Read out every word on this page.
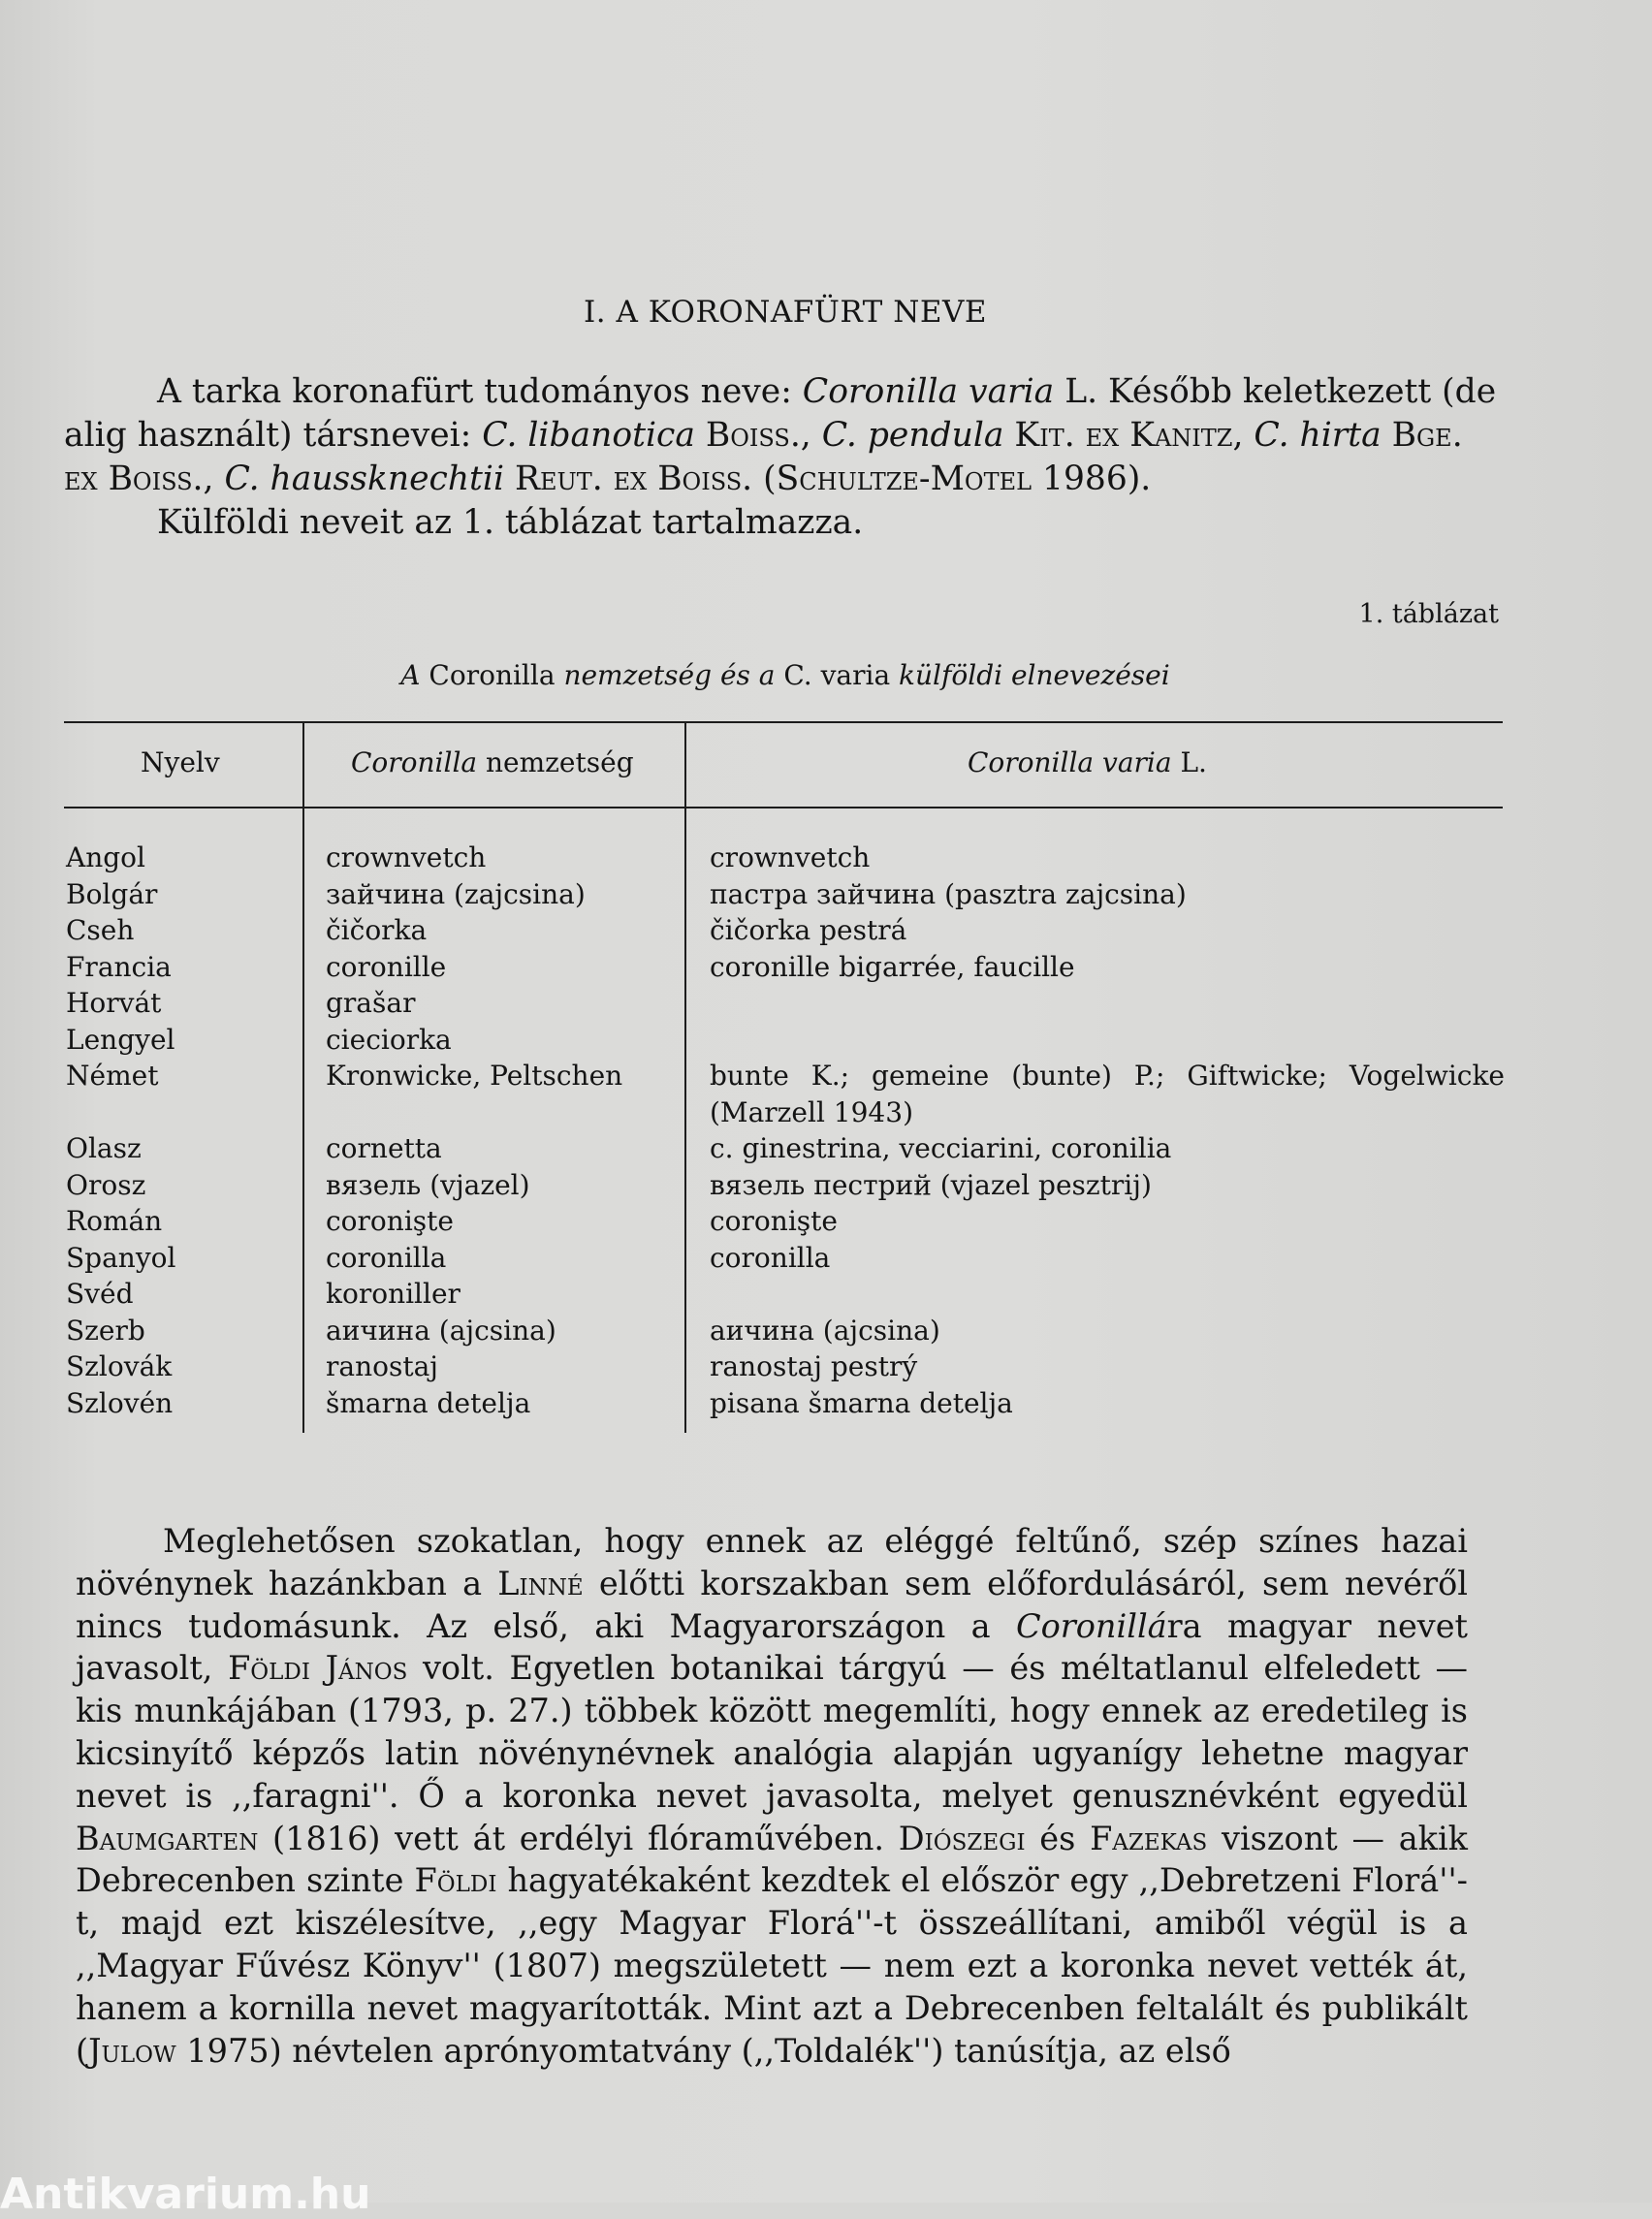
I. A KORONAFÜRT NEVE

A tarka koronafürt tudományos neve: Coronilla varia L. Később keletkezett (de alig használt) társnevei: C. libanotica Boiss., C. pendula Kit. ex Kanitz, C. hirta Bge. ex Boiss., C. hausskneсhtii Reut. ex Boiss. (Schultze-Motel 1986).

Külföldi neveit az 1. táblázat tartalmazza.

1. táblázat
A Coronilla nemzetség és a C. varia külföldi elnevezései
Nyelv	Coronilla nemzetség	Coronilla varia L.
Angol
Bolgár
Cseh
Francia
Horvát
Lengyel
Német
Olasz
Orosz
Román
Spanyol
Svéd
Szerb
Szlovák
Szlovén
crownvetch
зайчина (zajcsina)
čičorka
coronille
grašar
cieciorka
Kronwicke, Peltschen
cornetta
вязель (vjazel)
coronişte
coronilla
koroniller
аичина (ajcsina)
ranostaj
šmarna detelja
crownvetch
пастра зайчина (pasztra zajcsina)
čičorka pestrá
coronille bigarrée, faucille
bunte K.; gemeine (bunte) P.; Giftwicke; Vogelwicke (Marzell 1943)
c. ginestrina, vecciarini, coronilia
вязель пестрий (vjazel pesztrij)
coronişte
coronilla
аичина (ajcsina)
ranostaj pestrý
pisana šmarna detelja

Meglehetősen szokatlan, hogy ennek az eléggé feltűnő, szép színes hazai növénynek hazánkban a Linné előtti korszakban sem előfordulásáról, sem nevéről nincs tudomásunk. Az első, aki Magyarországon a Coronillára magyar nevet javasolt, Földi János volt. Egyetlen botanikai tárgyú — és méltatlanul elfeledett — kis munkájában (1793, p. 27.) többek között megemlíti, hogy ennek az eredetileg is kicsinyítő képzős latin növénynévnek analógia alapján ugyanígy lehetne magyar nevet is ,,faragni''. Ő a koronka nevet javasolta, melyet genusznévként egyedül Baumgarten (1816) vett át erdélyi flóraművében. Diószegi és Fazekas viszont — akik Debrecenben szinte Földi hagyatékaként kezdtek el először egy ,,Debretzeni Florá''-t, majd ezt kiszélesítve, ,,egy Magyar Florá''-t összeállítani, amiből végül is a ,,Magyar Fűvész Könyv'' (1807) megszületett — nem ezt a koronka nevet vették át, hanem a kornilla nevet magyarították. Mint azt a Debrecenben feltalált és publikált (Julow 1975) névtelen aprónyomtatvány (,,Toldalék'') tanúsítja, az első

Antikvarium.hu
